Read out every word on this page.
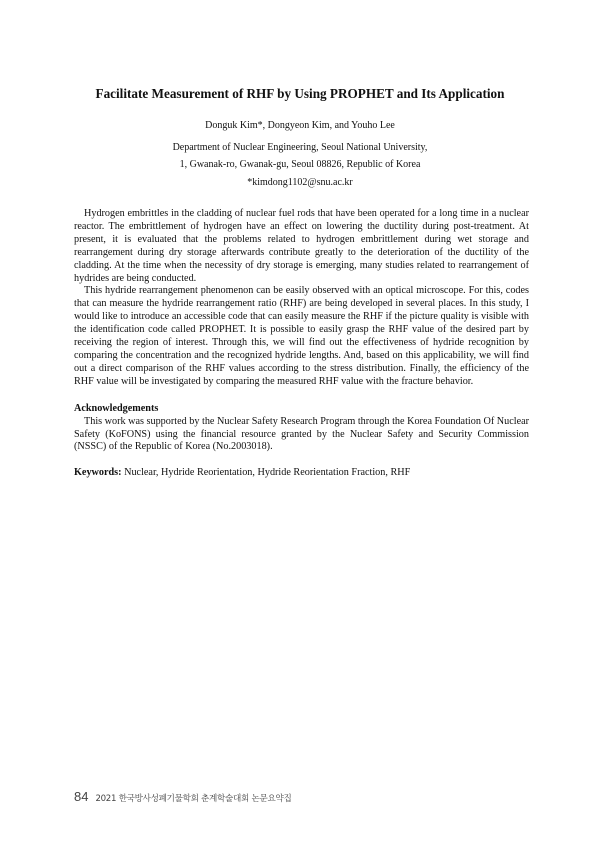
Facilitate Measurement of RHF by Using PROPHET and Its Application
Donguk Kim*, Dongyeon Kim, and Youho Lee
Department of Nuclear Engineering, Seoul National University,
1, Gwanak-ro, Gwanak-gu, Seoul 08826, Republic of Korea
*kimdong1102@snu.ac.kr

Hydrogen embrittles in the cladding of nuclear fuel rods that have been operated for a long time in a nuclear reactor. The embrittlement of hydrogen have an effect on lowering the ductility during post-treatment. At present, it is evaluated that the problems related to hydrogen embrittlement during wet storage and rearrangement during dry storage afterwards contribute greatly to the deterioration of the ductility of the cladding. At the time when the necessity of dry storage is emerging, many studies related to rearrangement of hydrides are being conducted.

This hydride rearrangement phenomenon can be easily observed with an optical microscope. For this, codes that can measure the hydride rearrangement ratio (RHF) are being developed in several places. In this study, I would like to introduce an accessible code that can easily measure the RHF if the picture quality is visible with the identification code called PROPHET. It is possible to easily grasp the RHF value of the desired part by receiving the region of interest. Through this, we will find out the effectiveness of hydride recognition by comparing the concentration and the recognized hydride lengths. And, based on this applicability, we will find out a direct comparison of the RHF values according to the stress distribution. Finally, the efficiency of the RHF value will be investigated by comparing the measured RHF value with the fracture behavior.

Acknowledgements

This work was supported by the Nuclear Safety Research Program through the Korea Foundation Of Nuclear Safety (KoFONS) using the financial resource granted by the Nuclear Safety and Security Commission (NSSC) of the Republic of Korea (No.2003018).

Keywords: Nuclear, Hydride Reorientation, Hydride Reorientation Fraction, RHF

84 2021 한국방사성폐기물학회 춘계학술대회 논문요약집
